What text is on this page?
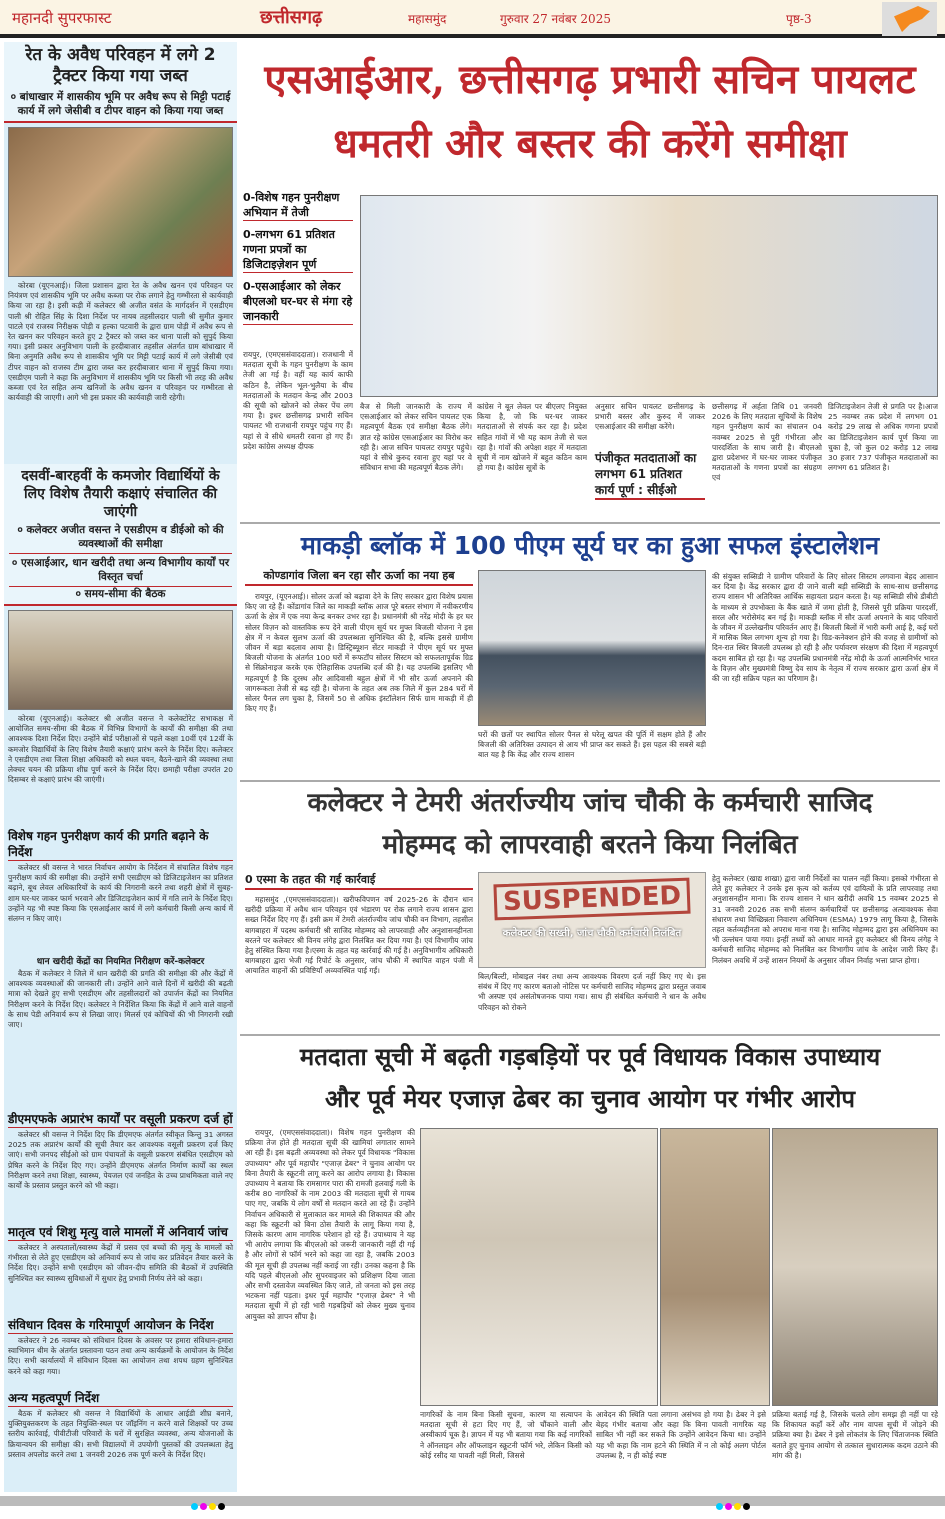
महानदी सुपरफास्ट	छत्तीसगढ़	महासमुंद	गुरुवार 27 नवंबर 2025	पृष्ठ-3
रेत के अवैध परिवहन में लगे 2 ट्रैक्टर किया गया जब्त
० बांधाखार में शासकीय भूमि पर अवैध रूप से मिट्टी पटाई कार्य में लगे जेसीबी व टीपर वाहन को किया गया जब्त
कोरबा (यूएनआई)। जिला प्रशासन द्वारा रेत के अवैध खनन एवं परिवहन पर नियंत्रण एवं शासकीय भूमि पर अवैध कब्जा पर रोक लगाने हेतु गम्भीरता से कार्यवाही किया जा रहा है। इसी कड़ी में कलेक्टर श्री अजीत वसंत के मार्गदर्शन में एसडीएम पाली श्री रोहित सिंह के दिशा निर्देश पर नायब तहसीलदार पाली श्री सुमीत कुमार पाटले एवं राजस्व निरीक्षक पोड़ी व हल्का पटवारी के द्वारा ग्राम पोड़ी में अवैध रूप से रेत खनन कर परिवहन करते हुए 2 ट्रैक्टर को जब्त कर थाना पाली को सुपुर्द किया गया। इसी प्रकार अनुविभाग पाली के हरदीबाजार तहसील अंतर्गत ग्राम बांधाखार में बिना अनुमति अवैध रूप से शासकीय भूमि पर मिट्टी पटाई कार्य में लगे जेसीबी एवं टीपर वाहन को राजस्व टीम द्वारा जब्त कर हरदीबाजार थाना में सुपुर्द किया गया। एसडीएम पाली ने कहा कि अनुविभाग में शासकीय भूमि पर किसी भी तरह की अवैध कब्जा एवं रेत सहित अन्य खनिजों के अवैध खनन व परिवहन पर गम्भीरता से कार्यवाही की जाएगी। आगे भी इस प्रकार की कार्यवाही जारी रहेगी।
दसवीं-बारहवीं के कमजोर विद्यार्थियों के लिए विशेष तैयारी कक्षाएं संचालित की जाएंगी
० कलेक्टर अजीत वसन्त ने एसडीएम व डीईओ को की व्यवस्थाओं की समीक्षा
० एसआईआर, धान खरीदी तथा अन्य विभागीय कार्यों पर विस्तृत चर्चा
० समय-सीमा की बैठक
कोरबा (यूएनआई)। कलेक्टर श्री अजीत वसन्त ने कलेक्टोरेट सभाकक्ष में आयोजित समय-सीमा की बैठक में विभिन्न विभागों के कार्यों की समीक्षा की तथा आवश्यक दिशा निर्देश दिए। उन्होंने बोर्ड परीक्षाओं से पहले कक्षा 10वीं एवं 12वीं के कमजोर विद्यार्थियों के लिए विशेष तैयारी कक्षाएं प्रारंभ करने के निर्देश दिए। कलेक्टर ने एसडीएम तथा जिला शिक्षा अधिकारी को स्थल चयन, बैठने-खाने की व्यवस्था तथा लेक्चर चयन की प्रक्रिया शीघ्र पूर्ण करने के निर्देश दिए। छमाही परीक्षा उपरांत 20 दिसम्बर से कक्षाएं प्रारंभ की जाएंगी।
विशेष गहन पुनरीक्षण कार्य की प्रगति बढ़ाने के निर्देश
कलेक्टर श्री वसन्त ने भारत निर्वाचन आयोग के निर्देशन में संचालित विशेष गहन पुनरीक्षण कार्य की समीक्षा की। उन्होंने सभी एसडीएम को डिजिटाइजेशन का प्रतिशत बढ़ाने, बूथ लेवल अधिकारियों के कार्य की निगरानी करने तथा शहरी क्षेत्रों में सुबह-शाम घर-घर जाकर फार्म भरवाने और डिजिटाइजेशन कार्य में गति लाने के निर्देश दिए। उन्होंने यह भी स्पष्ट किया कि एसआईआर कार्य में लगे कर्मचारी किसी अन्य कार्य में संलग्न न किए जाएं।
धान खरीदी केंद्रों का नियमित निरीक्षण करें-कलेक्टर
बैठक में कलेक्टर ने जिले में धान खरीदी की प्रगति की समीक्षा की और केंद्रों में आवश्यक व्यवस्थाओं की जानकारी ली। उन्होंने आने वाले दिनों में खरीदी की बढ़ती मात्रा को देखते हुए सभी एसडीएम और तहसीलदारों को उपार्जन केंद्रों का नियमित निरीक्षण करने के निर्देश दिए। कलेक्टर ने निर्देशित किया कि केंद्रों में आने वाले वाहनों के साथ पेडी अनिवार्य रूप से लिखा जाए। मिलर्स एवं कोचियों की भी निगरानी रखी जाए।
डीएमएफके अप्रारंभ कार्यों पर वसूली प्रकरण दर्ज हों
कलेक्टर श्री वसन्त ने निर्देश दिए कि डीएमएफ अंतर्गत स्वीकृत किन्तु 31 अगस्त 2025 तक अप्रारंभ कार्यों की सूची तैयार कर आवश्यक वसूली प्रकरण दर्ज किए जाएं। सभी जनपद सीईओ को ग्राम पंचायतों के वसूली प्रकरण संबंधित एसडीएम को प्रेषित करने के निर्देश दिए गए। उन्होंने डीएमएफ अंतर्गत निर्माण कार्यों का स्थल निरीक्षण करने तथा शिक्षा, स्वास्थ्य, पेयजल एवं जनहित के उच्च प्राथमिकता वाले नए कार्यों के प्रस्ताव प्रस्तुत करने को भी कहा।
मातृत्व एवं शिशु मृत्यु वाले मामलों में अनिवार्य जांच
कलेक्टर ने अस्पतालों/स्वास्थ्य केंद्रों में प्रसव एवं बच्चों की मृत्यु के मामलों को गंभीरता से लेते हुए एसडीएम को अनिवार्य रूप से जांच कर प्रतिवेदन तैयार करने के निर्देश दिए। उन्होंने सभी एसडीएम को जीवन-दीप समिति की बैठकों में उपस्थिति सुनिश्चित कर स्वास्थ्य सुविधाओं में सुधार हेतु प्रभावी निर्णय लेने को कहा।
संविधान दिवस के गरिमापूर्ण आयोजन के निर्देश
कलेक्टर ने 26 नवम्बर को संविधान दिवस के अवसर पर हमारा संविधान-हमारा स्वाभिमान थीम के अंतर्गत प्रस्तावना पठन तथा अन्य कार्यक्रमों के आयोजन के निर्देश दिए। सभी कार्यालयों में संविधान दिवस का आयोजन तथा शपथ ग्रहण सुनिश्चित करने को कहा गया।
अन्य महत्वपूर्ण निर्देश
बैठक में कलेक्टर श्री वसन्त ने विद्यार्थियों के आधार आईडी शीघ्र बनाने, युक्तियुक्तकरण के तहत नियुक्ति-स्थल पर जॉइनिंग न करने वाले शिक्षकों पर उच्च स्तरीय कार्रवाई, पीवीटीजी परिवारों के घरों में सुरक्षित व्यवस्था, अन्य योजनाओं के क्रियान्वयन की समीक्षा की। सभी विद्यालयों में उपयोगी पुस्तकों की उपलब्धता हेतु प्रस्ताव अपलोड करने तथा 1 जनवरी 2026 तक पूर्ण करने के निर्देश दिए।
एसआईआर, छत्तीसगढ़ प्रभारी सचिन पायलट
धमतरी और बस्तर की करेंगे समीक्षा
0-विशेष गहन पुनरीक्षण अभियान में तेजी
0-लगभग 61 प्रतिशत गणना प्रपत्रों का डिजिटाइज़ेशन पूर्ण
0-एसआईआर को लेकर बीएलओ घर-घर से मंगा रहे जानकारी
रायपुर, (एमएससंवाददाता)। राजधानी में मतदाता सूची के गहन पुनरीक्षण के काम तेजी आ गई है। वहीं यह कार्य काफी कठिन है, लेकिन भूल-भुलैया के बीच मतदाताओं के मतदान केन्द्र और 2003 की सूची को खोजने को लेकर पेंच लग गया है। इधर छत्तीसगढ़ प्रभारी सचिन पायलट भी राजधानी रायपुर पहुंच गए हैं। यहां से वे सीधे धमतरी रवाना हो गए हैं। प्रदेश कांग्रेस अध्यक्ष दीपक
बैज से मिली जानकारी के राज्य में एसआईआर को लेकर सचिन पायलट एक महत्वपूर्ण बैठक एवं समीक्षा बैठक लेंगे। ज्ञात रहे कांग्रेस एसआईआर का विरोध कर रही है। आज सचिन पायलट रायपुर पहुंचे। यहां वे सीधे कुरुद रवाना हुए यहां पर वे संविधान सभा की महत्वपूर्ण बैठक लेंगे।
कांग्रेस ने बूत लेवल पर बीएलए नियुक्त किया है, जो कि घर-घर जाकर मतदाताओं से संपर्क कर रहा है। प्रदेश सहित गांवों में भी यह काम तेजी से चल रहा है। गांवों की अपेक्षा शहर में मतदाता सूची में नाम खोजने में बहुत कठिन काम हो गया है। कांग्रेस सूत्रों के
अनुसार सचिन पायलट छत्तीसगढ़ के प्रभारी बस्तर और कुरुद में जाकर एसआईआर की समीक्षा करेंगे।
पंजीकृत मतदाताओं का लगभग 61 प्रतिशत कार्य पूर्ण : सीईओ
छत्तीसगढ़ में अर्हता तिथि 01 जनवरी 2026 के लिए मतदाता सूचियों के विशेष गहन पुनरीक्षण कार्य का संचालन 04 नवम्बर 2025 से पूरी गंभीरता और पारदर्शिता के साथ जारी है। बीएलओ द्वारा प्रदेशभर में घर-घर जाकर पंजीकृत मतदाताओं के गणना प्रपत्रों का संग्रहण एवं
डिजिटाइजेशन तेजी से प्रगति पर है।आज 25 नवम्बर तक प्रदेश में लगभग 01 करोड़ 29 लाख से अधिक गणना प्रपत्रों का डिजिटाइजेशन कार्य पूर्ण किया जा चुका है, जो कुल 02 करोड़ 12 लाख 30 हजार 737 पंजीकृत मतदाताओं का लगभग 61 प्रतिशत है।
माकड़ी ब्लॉक में 100 पीएम सूर्य घर का हुआ सफल इंस्टालेशन
कोण्डागांव जिला बन रहा सौर ऊर्जा का नया हब
रायपुर, (यूएनआई)। सोलर ऊर्जा को बढ़ावा देने के लिए सरकार द्वारा विशेष प्रयास किए जा रहे हैं। कोंडागांव जिले का माकड़ी ब्लॉक आज पूरे बस्तर संभाग में नवीकरणीय ऊर्जा के क्षेत्र में एक नया केन्द्र बनकर उभर रहा है। प्रधानमंत्री श्री नरेंद्र मोदी के हर घर सोलर विज़न को वास्तविक रूप देने वाली पीएम सूर्य घर मुफ्त बिजली योजना ने इस क्षेत्र में न केवल सुलभ ऊर्जा की उपलब्धता सुनिश्चित की है, बल्कि इससे ग्रामीण जीवन में बड़ा बदलाव आया है। डिस्ट्रिब्यूशन सेंटर माकड़ी ने पीएम सूर्य घर मुफ्त बिजली योजना के अंतर्गत 100 घरों में रूफटॉप सोलर सिस्टम को सफलतापूर्वक ग्रिड से सिंक्रोनाइज करके एक ऐतिहासिक उपलब्धि दर्ज की है। यह उपलब्धि इसलिए भी महत्वपूर्ण है कि दूरस्थ और आदिवासी बहुल क्षेत्रों में भी सौर ऊर्जा अपनाने की जागरूकता तेजी से बढ़ रही है। योजना के तहत अब तक जिले में कुल 284 घरों में सोलर पैनल लग चुका है, जिसमें 50 से अधिक इंस्टॉलेशन सिर्फ ग्राम माकड़ी में ही किए गए हैं।
घरों की छतों पर स्थापित सोलर पैनल से घरेलू खपत की पूर्ति में सक्षम होते हैं और बिजली की अतिरिक्त उत्पादन से आय भी प्राप्त कर सकते हैं। इस पहल की सबसे बड़ी बात यह है कि केंद्र और राज्य शासन
की संयुक्त सब्सिडी ने ग्रामीण परिवारों के लिए सोलर सिस्टम लगवाना बेहद आसान कर दिया है। केंद्र सरकार द्वारा दी जाने वाली बड़ी सब्सिडी के साथ-साथ छत्तीसगढ़ राज्य शासन भी अतिरिक्त आर्थिक सहायता प्रदान करता है। यह सब्सिडी सीधे डीबीटी के माध्यम से उपभोक्ता के बैंक खाते में जमा होती है, जिससे पूरी प्रक्रिया पारदर्शी, सरल और भरोसेमंद बन गई है। माकड़ी ब्लॉक में सौर ऊर्जा अपनाने के बाद परिवारों के जीवन में उल्लेखनीय परिवर्तन आए हैं। बिजली बिलों में भारी कमी आई है, कई घरों में मासिक बिल लगभग शून्य हो गया है। ग्रिड-कनेक्शन होने की वजह से ग्रामीणों को दिन-रात स्थिर बिजली उपलब्ध हो रही है और पर्यावरण संरक्षण की दिशा में महत्वपूर्ण कदम साबित हो रहा है। यह उपलब्धि प्रधानमंत्री नरेंद्र मोदी के ऊर्जा आत्मनिर्भर भारत के विज़न और मुख्यमंत्री विष्णु देव साय के नेतृत्व में राज्य सरकार द्वारा ऊर्जा क्षेत्र में की जा रही सक्रिय पहल का परिणाम है।
कलेक्टर ने टेमरी अंतर्राज्यीय जांच चौकी के कर्मचारी साजिद
मोहम्मद को लापरवाही बरतने किया निलंबित
0 एस्मा के तहत की गई कार्रवाई
महासमुंद ,(एमएससंवाददाता)। खरीफविपणन वर्ष 2025-26 के दौरान धान खरीदी प्रक्रिया में अवैध धान परिवहन एवं भंडारण पर रोक लगाने राज्य शासन द्वारा सख्त निर्देश दिए गए हैं। इसी क्रम में टेमरी अंतर्राज्यीय जांच चौकी वन विभाग, तहसील बागबाहरा में पदस्थ कर्मचारी श्री साजिद मोहम्मद को लापरवाही और अनुशासनहीनता बरतने पर कलेक्टर श्री विनय लंगेह द्वारा निलंबित कर दिया गया है। एवं विभागीय जांच हेतु संस्थित किया गया है।एस्मा के तहत यह कार्रवाई की गई है। अनुविभागीय अधिकारी बागबाहरा द्वारा भेजी गई रिपोर्ट के अनुसार, जांच चौकी में स्थापित वाहन पंजी में आयातित वाहनों की प्रविष्टियाँ अव्यवस्थित पाई गईं।
SUSPENDED
कलेक्टर की सख्ती, जांच चौकी कर्मचारी निलंबित
बिल/बिल्टी, मोबाइल नंबर तथा अन्य आवश्यक विवरण दर्ज नहीं किए गए थे। इस संबंध में दिए गए कारण बताओ नोटिस पर कर्मचारी साजिद मोहम्मद द्वारा प्रस्तुत जवाब भी अस्पष्ट एवं असंतोषजनक पाया गया। साथ ही संबंधित कर्मचारी ने धान के अवैध परिवहन को रोकने
हेतु कलेक्टर (खाद्य शाखा) द्वारा जारी निर्देशों का पालन नहीं किया। इसको गंभीरता से लेते हुए कलेक्टर ने उनके इस कृत्य को कर्तव्य एवं दायित्वों के प्रति लापरवाह तथा अनुशासनहीन माना। कि राज्य शासन ने धान खरीदी अवधि 15 नवम्बर 2025 से 31 जनवरी 2026 तक सभी संलग्न कर्मचारियों पर छत्तीसगढ़ अत्यावश्यक सेवा संधारण तथा विच्छिन्नता निवारण अधिनियम (ESMA) 1979 लागू किया है, जिसके तहत कर्तव्यहीनता को अपराध माना गया है। साजिद मोहम्मद द्वारा इस अधिनियम का भी उल्लंघन पाया गया। इन्हीं तथ्यों को आधार मानते हुए कलेक्टर श्री विनय लंगेह ने कर्मचारी साजिद मोहम्मद को निलंबित कर विभागीय जांच के आदेश जारी किए हैं। निलंबन अवधि में उन्हें शासन नियमों के अनुसार जीवन निर्वाह भत्ता प्राप्त होगा।
मतदाता सूची में बढ़ती गड़बड़ियों पर पूर्व विधायक विकास उपाध्याय
और पूर्व मेयर एजाज़ ढेबर का चुनाव आयोग पर गंभीर आरोप
रायपुर, (एमएससंवाददाता)। विशेष गहन पुनरीक्षण की प्रक्रिया तेज होते ही मतदाता सूची की खामियां लगातार सामने आ रही हैं। इस बढ़ती अव्यवस्था को लेकर पूर्व विधायक "विकास उपाध्याय" और पूर्व महापौर "एजाज़ ढेबर" ने चुनाव आयोग पर बिना तैयारी के स्क्रूटनी लागू करने का आरोप लगाया है। विकास उपाध्याय ने बताया कि रामसागर पारा की रामजी हलवाई गली के करीब 80 नागरिकों के नाम 2003 की मतदाता सूची से गायब पाए गए, जबकि ये लोग वर्षों से मतदान करते आ रहे हैं। उन्होंने निर्वाचन अधिकारी से मुलाकात कर मामले की शिकायत की और कहा कि स्क्रूटनी को बिना ठोस तैयारी के लागू किया गया है, जिसके कारण आम नागरिक परेशान हो रहे हैं। उपाध्याय ने यह भी आरोप लगाया कि बीएलओ को जरूरी जानकारी नहीं दी गई है और लोगों से फॉर्म भरने को कहा जा रहा है, जबकि 2003 की मूल सूची ही उपलब्ध नहीं कराई जा रही। उनका कहना है कि यदि पहले बीएलओ और सुपरवाइजर को प्रशिक्षण दिया जाता और सभी दस्तावेज व्यवस्थित किए जाते, तो जनता को इस तरह भटकना नहीं पड़ता। इधर पूर्व महापौर "एजाज़ ढेबर" ने भी मतदाता सूची में हो रही भारी गड़बड़ियों को लेकर मुख्य चुनाव आयुक्त को ज्ञापन सौंपा है।
नागरिकों के नाम बिना किसी सूचना, कारण या सत्यापन के मतदाता सूची से हटा दिए गए हैं, जो चौंकाने वाली और अस्वीकार्य चूक है। ज्ञापन में यह भी बताया गया कि कई नागरिकों ने ऑनलाइन और ऑफलाइन स्क्रूटनी फॉर्म भरे, लेकिन किसी को कोई रसीद या पावती नहीं मिली, जिससे
आवेदन की स्थिति पता लगाना असंभव हो गया है। ढेबर ने इसे बेहद गंभीर बताया और कहा कि बिना पावती नागरिक यह साबित भी नहीं कर सकते कि उन्होंने आवेदन किया था। उन्होंने यह भी कहा कि नाम हटने की स्थिति में न तो कोई अलग पोर्टल उपलब्ध है, न ही कोई स्पष्ट
प्रक्रिया बताई गई है, जिसके चलते लोग समझ ही नहीं पा रहे कि शिकायत कहाँ करें और नाम वापस सूची में जोड़ने की प्रक्रिया क्या है। ढेबर ने इसे लोकतंत्र के लिए चिंताजनक स्थिति बताते हुए चुनाव आयोग से तत्काल सुधारात्मक कदम उठाने की मांग की है।
